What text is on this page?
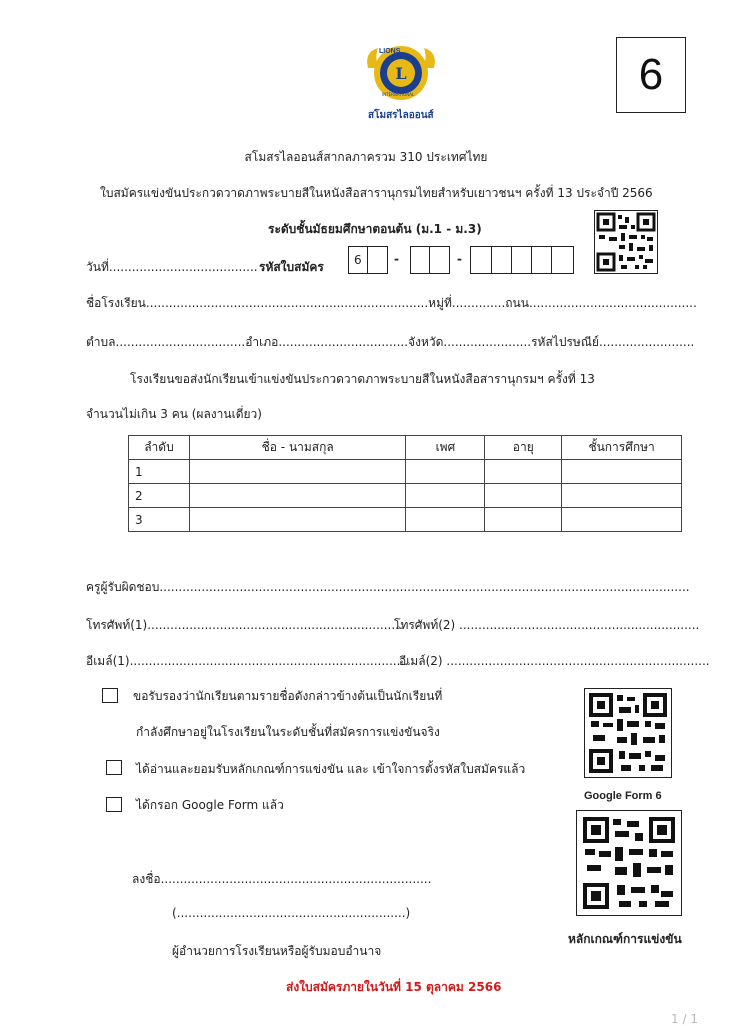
L
LIONS
INTERNATIONAL
สโมสรไลออนส์
6
สโมสรไลออนส์สากลภาครวม 310 ประเทศไทย
ใบสมัครแข่งขันประกวดวาดภาพระบายสีในหนังสือสารานุกรมไทยสำหรับเยาวชนฯ ครั้งที่ 13 ประจำปี 2566
ระดับชั้นมัธยมศึกษาตอนต้น (ม.1 - ม.3)
วันที่....................................... รหัสใบสมัคร	6	-	-
ชื่อโรงเรียน..........................................................................หมู่ที่..............ถนน............................................
ตำบล..................................อำเภอ..................................จังหวัด.......................รหัสไปรษณีย์.........................
โรงเรียนขอส่งนักเรียนเข้าแข่งขันประกวดวาดภาพระบายสีในหนังสือสารานุกรมฯ ครั้งที่ 13
จำนวนไม่เกิน 3 คน (ผลงานเดี่ยว)
ลำดับ	ชื่อ - นามสกุล	เพศ	อายุ	ชั้นการศึกษา
1				
2				
3				
ครูผู้รับผิดชอบ...........................................................................................................................................
โทรศัพท์(1)...................................................................
โทรศัพท์(2) ...............................................................
อีเมล์(1).........................................................................
อีเมล์(2) .....................................................................
ขอรับรองว่านักเรียนตามรายชื่อดังกล่าวข้างต้นเป็นนักเรียนที่
กำลังศึกษาอยู่ในโรงเรียนในระดับชั้นที่สมัครการแข่งขันจริง
ได้อ่านและยอมรับหลักเกณฑ์การแข่งขัน และ เข้าใจการตั้งรหัสใบสมัครแล้ว
ได้กรอก Google Form แล้ว
Google Form 6
หลักเกณฑ์การแข่งขัน
ลงชื่อ.......................................................................
(............................................................)
ผู้อำนวยการโรงเรียนหรือผู้รับมอบอำนาจ
ส่งใบสมัครภายในวันที่ 15 ตุลาคม 2566
1 / 1
